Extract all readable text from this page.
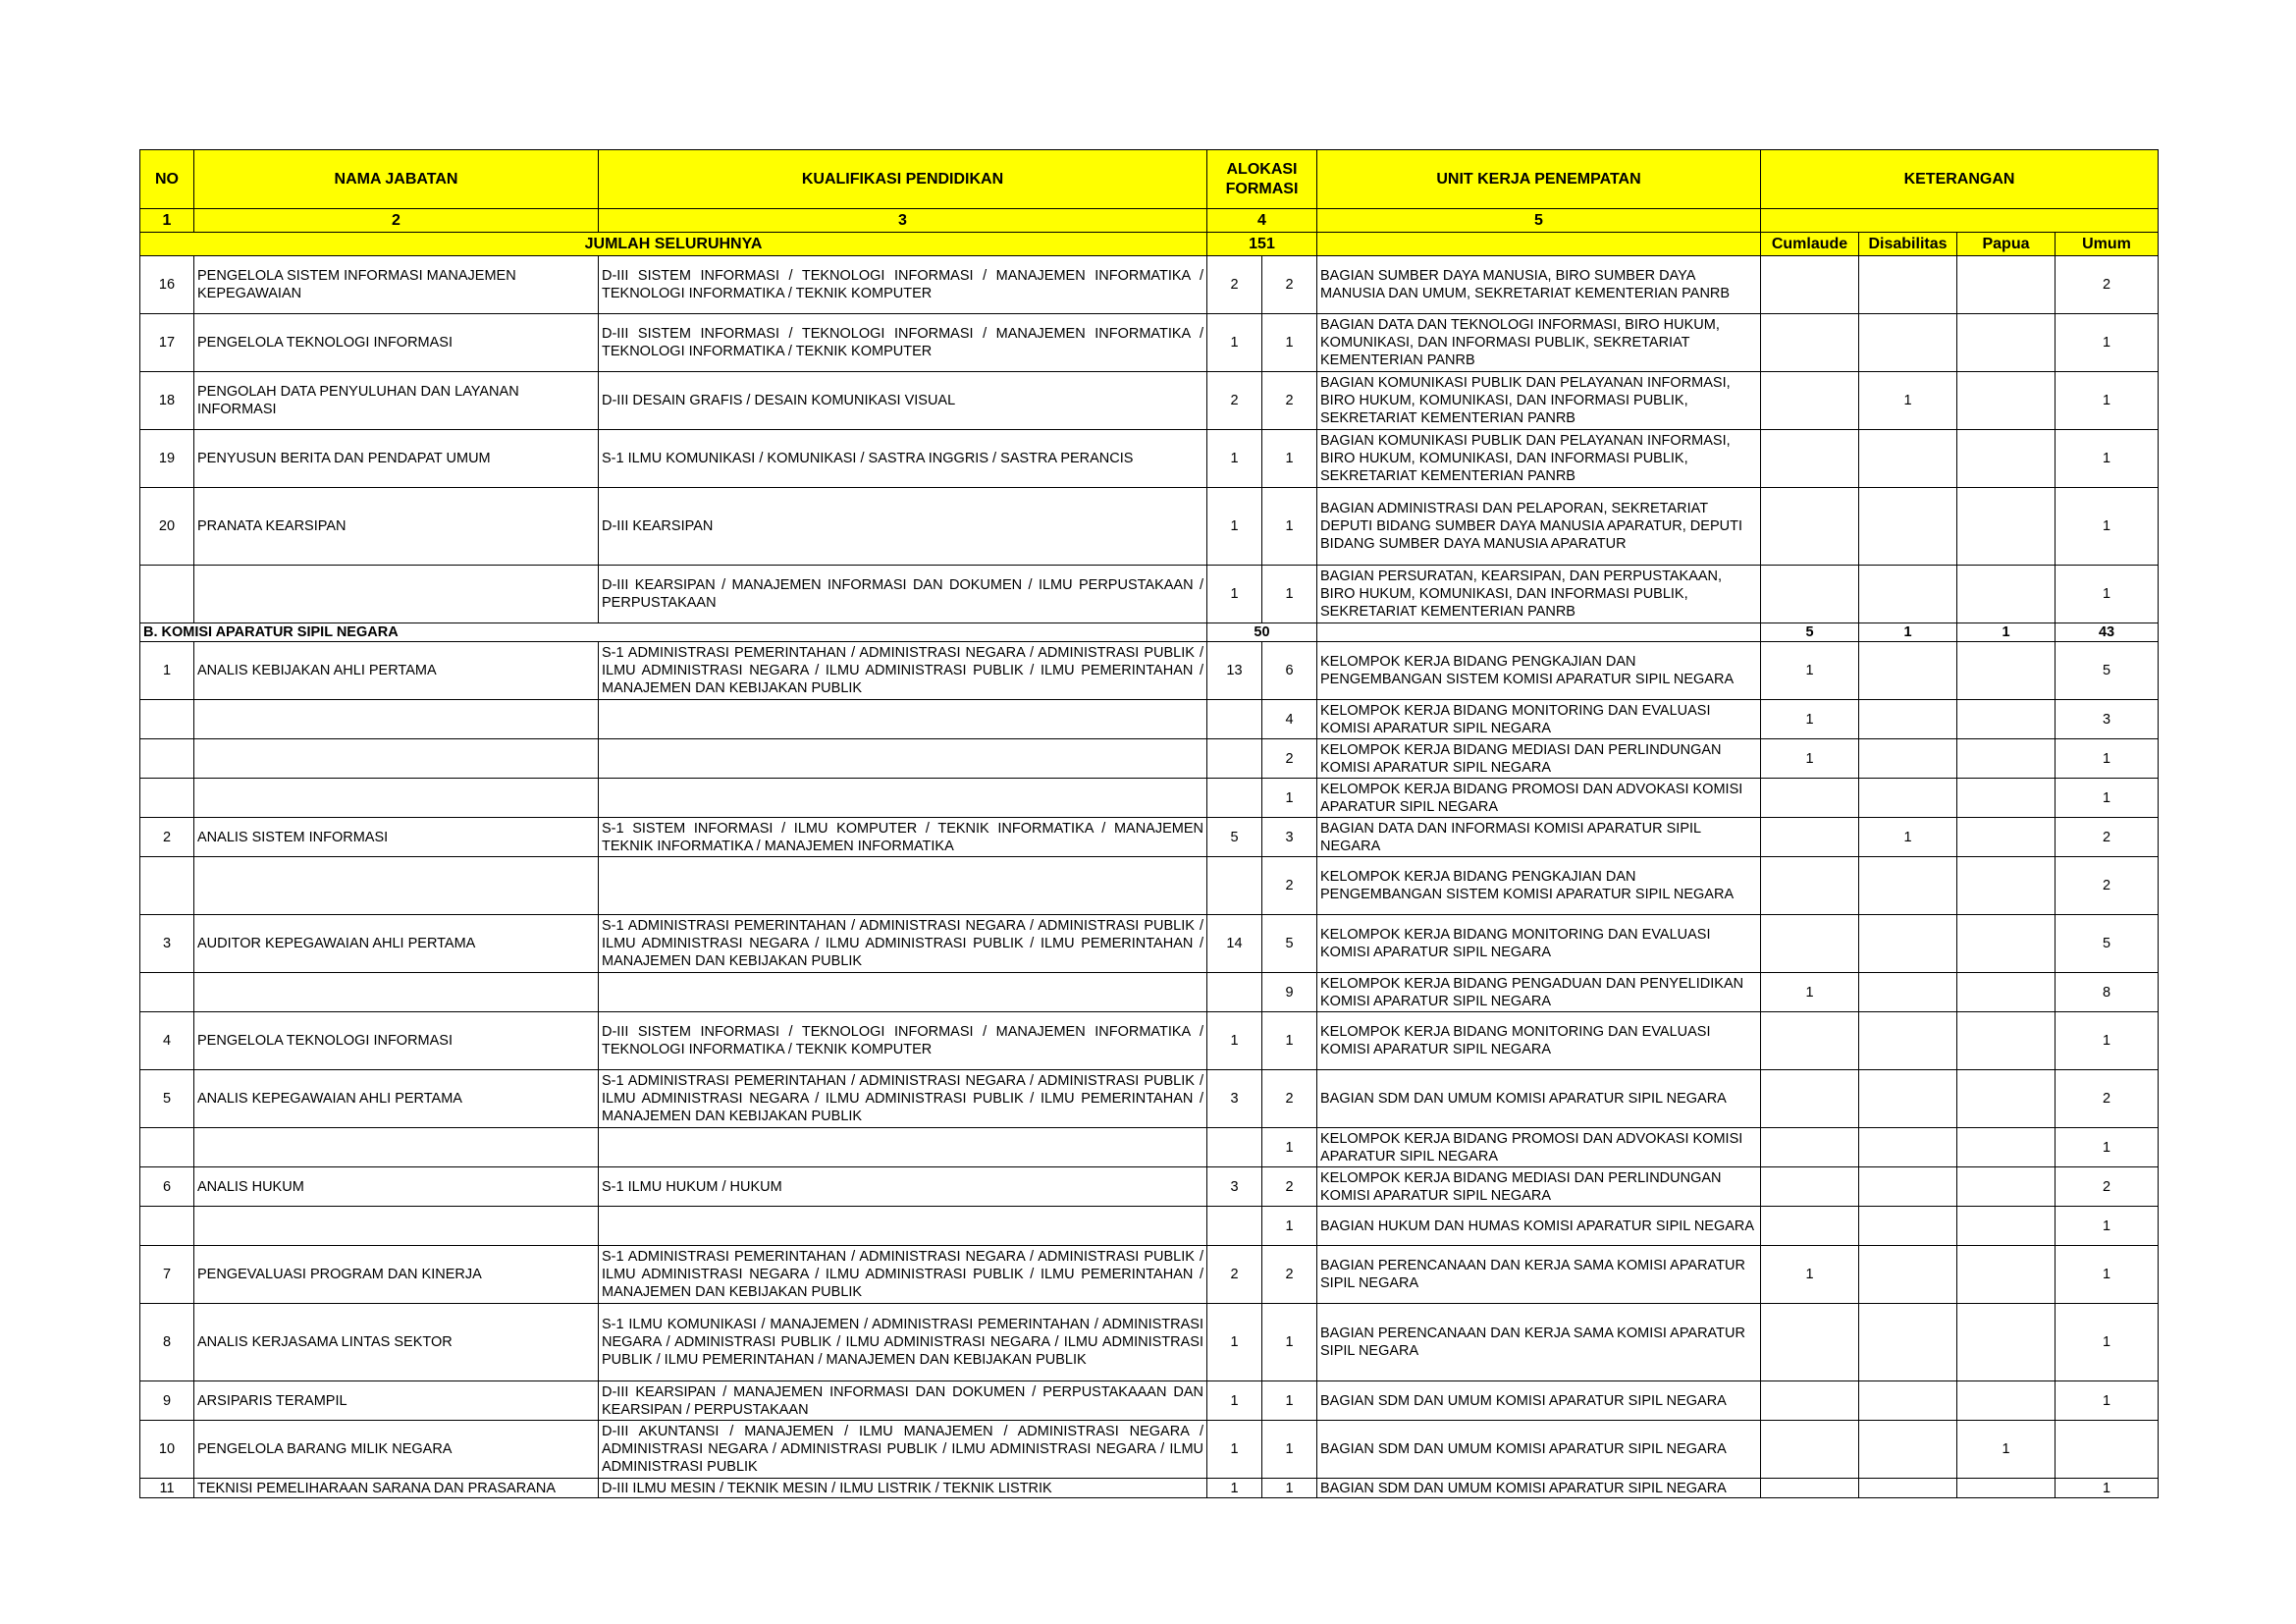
NO	NAMA JABATAN	KUALIFIKASI PENDIDIKAN	ALOKASI FORMASI		UNIT KERJA PENEMPATAN	KETERANGAN			
1	2	3	4		5				
JUMLAH SELURUHNYA			151			Cumlaude	Disabilitas	Papua	Umum
16	PENGELOLA SISTEM INFORMASI MANAJEMEN KEPEGAWAIAN	D-III SISTEM INFORMASI / TEKNOLOGI INFORMASI / MANAJEMEN INFORMATIKA / TEKNOLOGI INFORMATIKA / TEKNIK KOMPUTER	2	2	BAGIAN SUMBER DAYA MANUSIA, BIRO SUMBER DAYA MANUSIA DAN UMUM, SEKRETARIAT KEMENTERIAN PANRB				2
17	PENGELOLA TEKNOLOGI INFORMASI	D-III SISTEM INFORMASI / TEKNOLOGI INFORMASI / MANAJEMEN INFORMATIKA / TEKNOLOGI INFORMATIKA / TEKNIK KOMPUTER	1	1	BAGIAN DATA DAN TEKNOLOGI INFORMASI, BIRO HUKUM, KOMUNIKASI, DAN INFORMASI PUBLIK, SEKRETARIAT KEMENTERIAN PANRB				1
18	PENGOLAH DATA PENYULUHAN DAN LAYANAN INFORMASI	D-III DESAIN GRAFIS / DESAIN KOMUNIKASI VISUAL	2	2	BAGIAN KOMUNIKASI PUBLIK DAN PELAYANAN INFORMASI, BIRO HUKUM, KOMUNIKASI, DAN INFORMASI PUBLIK, SEKRETARIAT KEMENTERIAN PANRB		1		1
19	PENYUSUN BERITA DAN PENDAPAT UMUM	S-1 ILMU KOMUNIKASI / KOMUNIKASI / SASTRA INGGRIS / SASTRA PERANCIS	1	1	BAGIAN KOMUNIKASI PUBLIK DAN PELAYANAN INFORMASI, BIRO HUKUM, KOMUNIKASI, DAN INFORMASI PUBLIK, SEKRETARIAT KEMENTERIAN PANRB				1
20	PRANATA KEARSIPAN	D-III KEARSIPAN	1	1	BAGIAN ADMINISTRASI DAN PELAPORAN, SEKRETARIAT DEPUTI BIDANG SUMBER DAYA MANUSIA APARATUR, DEPUTI BIDANG SUMBER DAYA MANUSIA APARATUR				1
		D-III KEARSIPAN / MANAJEMEN INFORMASI DAN DOKUMEN / ILMU PERPUSTAKAAN / PERPUSTAKAAN	1	1	BAGIAN PERSURATAN, KEARSIPAN, DAN PERPUSTAKAAN, BIRO HUKUM, KOMUNIKASI, DAN INFORMASI PUBLIK, SEKRETARIAT KEMENTERIAN PANRB				1
B. KOMISI APARATUR SIPIL NEGARA			50			5	1	1	43
1	ANALIS KEBIJAKAN AHLI PERTAMA	S-1 ADMINISTRASI PEMERINTAHAN / ADMINISTRASI NEGARA / ADMINISTRASI PUBLIK / ILMU ADMINISTRASI NEGARA / ILMU ADMINISTRASI PUBLIK / ILMU PEMERINTAHAN / MANAJEMEN DAN KEBIJAKAN PUBLIK	13	6	KELOMPOK KERJA BIDANG PENGKAJIAN DAN PENGEMBANGAN SISTEM KOMISI APARATUR SIPIL NEGARA	1			5
				4	KELOMPOK KERJA BIDANG MONITORING DAN EVALUASI KOMISI APARATUR SIPIL NEGARA	1			3
				2	KELOMPOK KERJA BIDANG MEDIASI DAN PERLINDUNGAN KOMISI APARATUR SIPIL NEGARA	1			1
				1	KELOMPOK KERJA BIDANG PROMOSI DAN ADVOKASI KOMISI APARATUR SIPIL NEGARA				1
2	ANALIS SISTEM INFORMASI	S-1 SISTEM INFORMASI / ILMU KOMPUTER / TEKNIK INFORMATIKA / MANAJEMEN TEKNIK INFORMATIKA / MANAJEMEN INFORMATIKA	5	3	BAGIAN DATA DAN INFORMASI KOMISI APARATUR SIPIL NEGARA		1		2
				2	KELOMPOK KERJA BIDANG PENGKAJIAN DAN PENGEMBANGAN SISTEM KOMISI APARATUR SIPIL NEGARA				2
3	AUDITOR KEPEGAWAIAN AHLI PERTAMA	S-1 ADMINISTRASI PEMERINTAHAN / ADMINISTRASI NEGARA / ADMINISTRASI PUBLIK / ILMU ADMINISTRASI NEGARA / ILMU ADMINISTRASI PUBLIK / ILMU PEMERINTAHAN / MANAJEMEN DAN KEBIJAKAN PUBLIK	14	5	KELOMPOK KERJA BIDANG MONITORING DAN EVALUASI KOMISI APARATUR SIPIL NEGARA				5
				9	KELOMPOK KERJA BIDANG PENGADUAN DAN PENYELIDIKAN KOMISI APARATUR SIPIL NEGARA	1			8
4	PENGELOLA TEKNOLOGI INFORMASI	D-III SISTEM INFORMASI / TEKNOLOGI INFORMASI / MANAJEMEN INFORMATIKA / TEKNOLOGI INFORMATIKA / TEKNIK KOMPUTER	1	1	KELOMPOK KERJA BIDANG MONITORING DAN EVALUASI KOMISI APARATUR SIPIL NEGARA				1
5	ANALIS KEPEGAWAIAN AHLI PERTAMA	S-1 ADMINISTRASI PEMERINTAHAN / ADMINISTRASI NEGARA / ADMINISTRASI PUBLIK / ILMU ADMINISTRASI NEGARA / ILMU ADMINISTRASI PUBLIK / ILMU PEMERINTAHAN / MANAJEMEN DAN KEBIJAKAN PUBLIK	3	2	BAGIAN SDM DAN UMUM KOMISI APARATUR SIPIL NEGARA				2
				1	KELOMPOK KERJA BIDANG PROMOSI DAN ADVOKASI KOMISI APARATUR SIPIL NEGARA				1
6	ANALIS HUKUM	S-1 ILMU HUKUM / HUKUM	3	2	KELOMPOK KERJA BIDANG MEDIASI DAN PERLINDUNGAN KOMISI APARATUR SIPIL NEGARA				2
				1	BAGIAN HUKUM DAN HUMAS KOMISI APARATUR SIPIL NEGARA				1
7	PENGEVALUASI PROGRAM DAN KINERJA	S-1 ADMINISTRASI PEMERINTAHAN / ADMINISTRASI NEGARA / ADMINISTRASI PUBLIK / ILMU ADMINISTRASI NEGARA / ILMU ADMINISTRASI PUBLIK / ILMU PEMERINTAHAN / MANAJEMEN DAN KEBIJAKAN PUBLIK	2	2	BAGIAN PERENCANAAN DAN KERJA SAMA KOMISI APARATUR SIPIL NEGARA	1			1
8	ANALIS KERJASAMA LINTAS SEKTOR	S-1 ILMU KOMUNIKASI / MANAJEMEN / ADMINISTRASI PEMERINTAHAN / ADMINISTRASI NEGARA / ADMINISTRASI PUBLIK / ILMU ADMINISTRASI NEGARA / ILMU ADMINISTRASI PUBLIK / ILMU PEMERINTAHAN / MANAJEMEN DAN KEBIJAKAN PUBLIK	1	1	BAGIAN PERENCANAAN DAN KERJA SAMA KOMISI APARATUR SIPIL NEGARA				1
9	ARSIPARIS TERAMPIL	D-III KEARSIPAN / MANAJEMEN INFORMASI DAN DOKUMEN / PERPUSTAKAAAN DAN KEARSIPAN / PERPUSTAKAAN	1	1	BAGIAN SDM DAN UMUM KOMISI APARATUR SIPIL NEGARA				1
10	PENGELOLA BARANG MILIK NEGARA	D-III AKUNTANSI / MANAJEMEN / ILMU MANAJEMEN / ADMINISTRASI NEGARA / ADMINISTRASI NEGARA / ADMINISTRASI PUBLIK / ILMU ADMINISTRASI NEGARA / ILMU ADMINISTRASI PUBLIK	1	1	BAGIAN SDM DAN UMUM KOMISI APARATUR SIPIL NEGARA			1	
11	TEKNISI PEMELIHARAAN SARANA DAN PRASARANA	D-III ILMU MESIN / TEKNIK MESIN / ILMU LISTRIK / TEKNIK LISTRIK	1	1	BAGIAN SDM DAN UMUM KOMISI APARATUR SIPIL NEGARA				1
